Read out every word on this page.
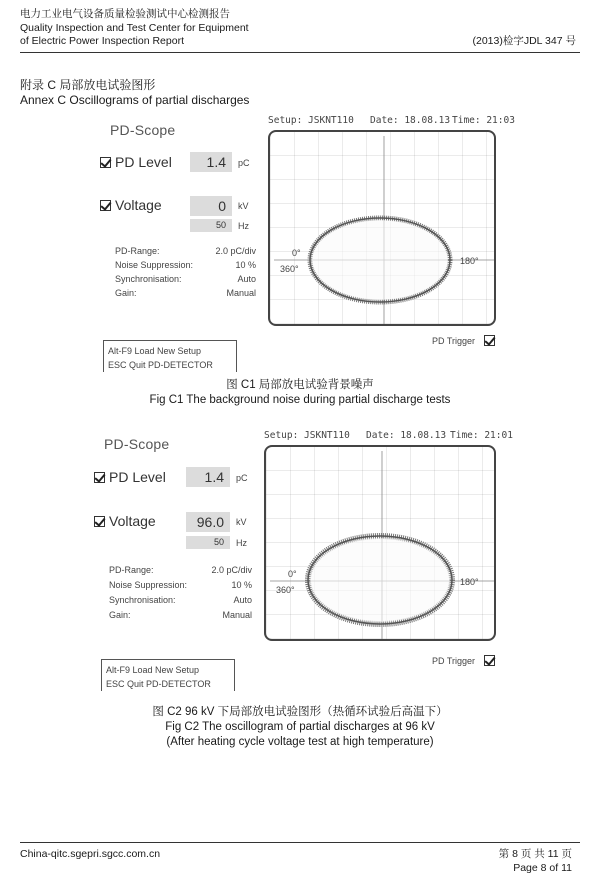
电力工业电气设备质量检验测试中心检测报告
Quality Inspection and Test Center for Equipment
of Electric Power Inspection Report	(2013)检字JDL 347 号
附录 C 局部放电试验图形
Annex C Oscillograms of partial discharges
PD-Scope
Setup: JSKNT110 Date: 18.08.13 Time: 21:03
PD Level	1.4	pC
Voltage	0	kV
50	Hz
PD-Range:	2.0 pC/div
Noise Suppression:	10 %
Synchronisation:	Auto
Gain:	Manual
0°
360°
180°
Alt-F9 Load New Setup
ESC Quit PD-DETECTOR
PD Trigger
图 C1 局部放电试验背景噪声
Fig C1 The background noise during partial discharge tests
PD-Scope
Setup: JSKNT110 Date: 18.08.13 Time: 21:01
PD Level	1.4	pC
Voltage	96.0	kV
50	Hz
PD-Range:	2.0 pC/div
Noise Suppression:	10 %
Synchronisation:	Auto
Gain:	Manual
0°
360°
180°
Alt-F9 Load New Setup
ESC Quit PD-DETECTOR
PD Trigger
图 C2 96 kV 下局部放电试验图形（热循环试验后高温下）
Fig C2 The oscillogram of partial discharges at 96 kV
(After heating cycle voltage test at high temperature)
China-qitc.sgepri.sgcc.com.cn	第 8 页 共 11 页
Page 8 of 11
